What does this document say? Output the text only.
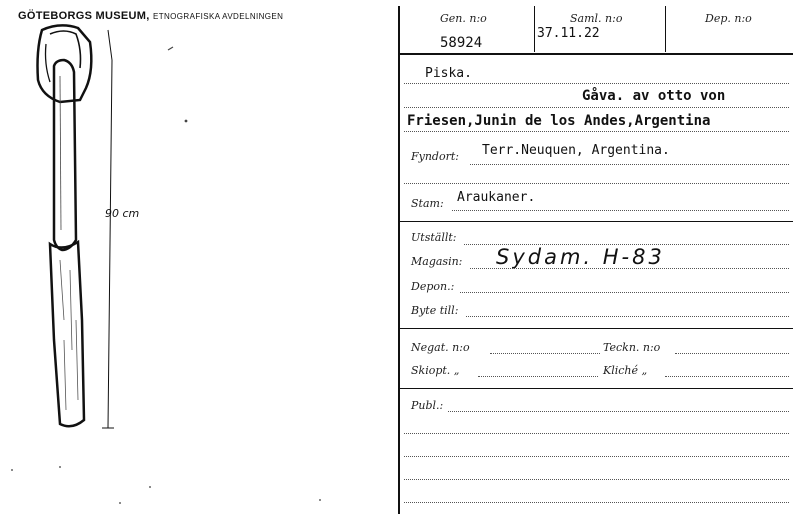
GÖTEBORGS MUSEUM, ETNOGRAFISKA AVDELNINGEN
90 cm
Gen. n:o
58924
Saml. n:o
37.11.22
Dep. n:o
Piska.
Gåva. av otto von
Friesen,Junin de los Andes,Argentina
Fyndort: Terr.Neuquen, Argentina.
Stam: Araukaner.
Utställt:
Magasin: Sydam. H-83
Depon.:
Byte till:
Negat. n:o	Teckn. n:o
Skiopt. „	Kliché „
Publ.:
